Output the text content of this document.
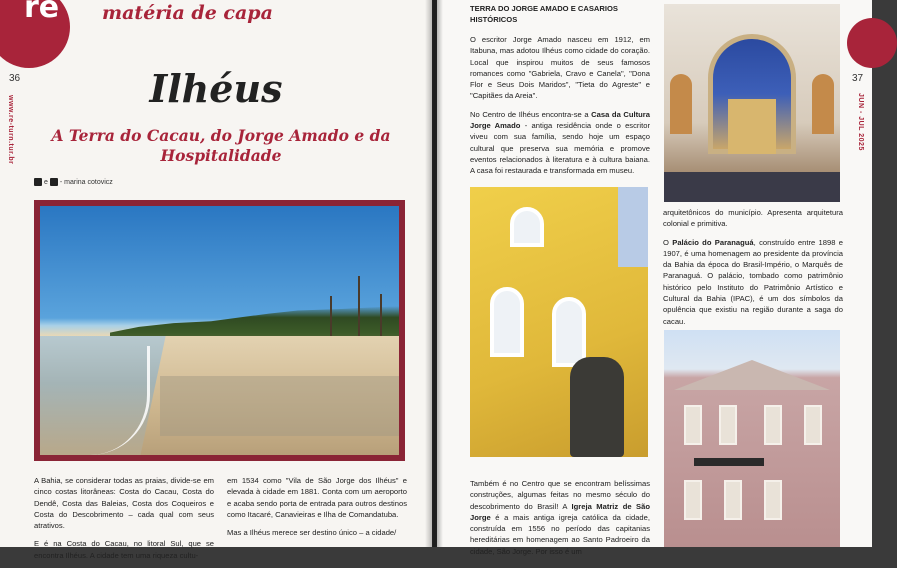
re matéria de capa
36
www.re-turn.tur.br
Ilhéus
A Terra do Cacau, do Jorge Amado e da Hospitalidade
e - marina cotovicz

A Bahia, se considerar todas as praias, divide-se em cinco costas litorâneas: Costa do Cacau, Costa do Dendê, Costa das Baleias, Costa dos Coqueiros e Costa do Descobrimento – cada qual com seus atrativos.

E é na Costa do Cacau, no litoral Sul, que se encontra Ilhéus. A cidade tem uma riqueza cultu-

em 1534 como "Vila de São Jorge dos Ilhéus" e elevada à cidade em 1881. Conta com um aeroporto e acaba sendo porta de entrada para outros destinos como Itacaré, Canavieiras e Ilha de Comandatuba.

Mas a Ilhéus merece ser destino único – a cidade/

TERRA DO JORGE AMADO E CASARIOS HISTÓRICOS

O escritor Jorge Amado nasceu em 1912, em Itabuna, mas adotou Ilhéus como cidade do coração. Local que inspirou muitos de seus famosos romances como "Gabriela, Cravo e Canela", "Dona Flor e Seus Dois Maridos", "Tieta do Agreste" e "Capitães da Areia".

No Centro de Ilhéus encontra-se a Casa da Cultura Jorge Amado - antiga residência onde o escritor viveu com sua família, sendo hoje um espaço cultural que preserva sua memória e promove eventos relacionados à literatura e à cultura baiana. A casa foi restaurada e transformada em museu.

Também é no Centro que se encontram belíssimas construções, algumas feitas no mesmo século do descobrimento do Brasil! A Igreja Matriz de São Jorge é a mais antiga igreja católica da cidade, construída em 1556 no período das capitanias hereditárias em homenagem ao Santo Padroeiro da cidade, São Jorge. Por isso é um

arquitetônicos do município. Apresenta arquitetura colonial e primitiva.

O Palácio do Paranaguá, construído entre 1898 e 1907, é uma homenagem ao presidente da província da Bahia da época do Brasil-Império, o Marquês de Paranaguá. O palácio, tombado como patrimônio histórico pelo Instituto do Patrimônio Artístico e Cultural da Bahia (IPAC), é um dos símbolos da opulência que existiu na região durante a saga do cacau.

37
JUN - JUL 2025
